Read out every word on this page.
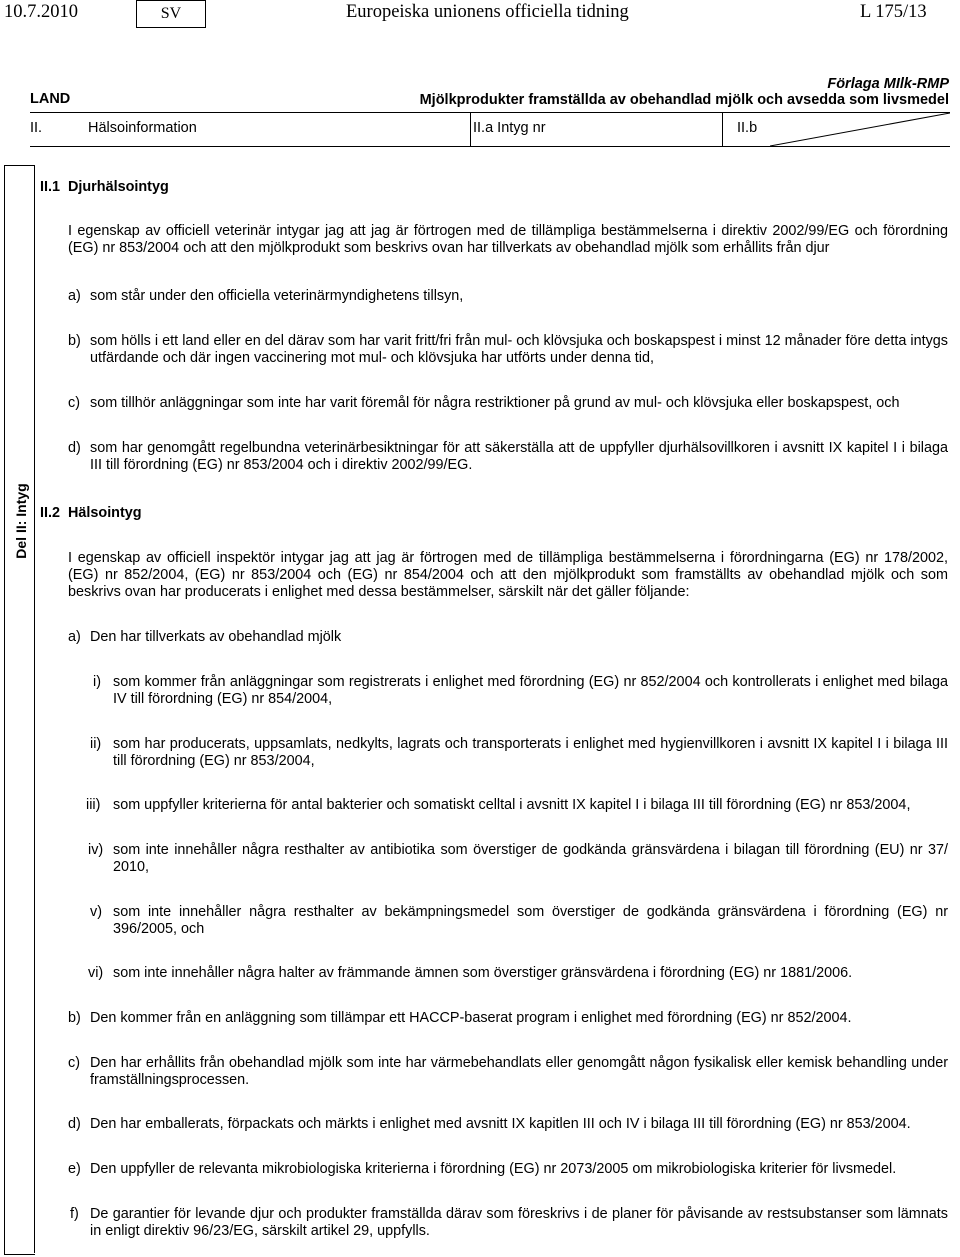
10.7.2010	SV	Europeiska unionens officiella tidning	L 175/13
LAND
Förlaga MIlk-RMP
Mjölkprodukter framställda av obehandlad mjölk och avsedda som livsmedel
II.	Hälsoinformation	II.a Intyg nr	II.b
Del II: Intyg
II.1 Djurhälsointyg
I egenskap av officiell veterinär intygar jag att jag är förtrogen med de tillämpliga bestämmelserna i direktiv 2002/99/EG och förordning (EG) nr 853/2004 och att den mjölkprodukt som beskrivs ovan har tillverkats av obehandlad mjölk som erhållits från djur
a) som står under den officiella veterinärmyndighetens tillsyn,
b) som hölls i ett land eller en del därav som har varit fritt/fri från mul- och klövsjuka och boskapspest i minst 12 månader före detta intygs utfärdande och där ingen vaccinering mot mul- och klövsjuka har utförts under denna tid,
c) som tillhör anläggningar som inte har varit föremål för några restriktioner på grund av mul- och klövsjuka eller boskapspest, och
d) som har genomgått regelbundna veterinärbesiktningar för att säkerställa att de uppfyller djurhälsovillkoren i avsnitt IX kapitel I i bilaga III till förordning (EG) nr 853/2004 och i direktiv 2002/99/EG.
II.2 Hälsointyg
I egenskap av officiell inspektör intygar jag att jag är förtrogen med de tillämpliga bestämmelserna i förordningarna (EG) nr 178/2002, (EG) nr 852/2004, (EG) nr 853/2004 och (EG) nr 854/2004 och att den mjölkprodukt som framställts av obehandlad mjölk och som beskrivs ovan har producerats i enlighet med dessa bestämmelser, särskilt när det gäller följande:
a) Den har tillverkats av obehandlad mjölk
i) som kommer från anläggningar som registrerats i enlighet med förordning (EG) nr 852/2004 och kontrollerats i enlighet med bilaga IV till förordning (EG) nr 854/2004,
ii) som har producerats, uppsamlats, nedkylts, lagrats och transporterats i enlighet med hygienvillkoren i avsnitt IX kapitel I i bilaga III till förordning (EG) nr 853/2004,
iii) som uppfyller kriterierna för antal bakterier och somatiskt celltal i avsnitt IX kapitel I i bilaga III till förordning (EG) nr 853/2004,
iv) som inte innehåller några resthalter av antibiotika som överstiger de godkända gränsvärdena i bilagan till förordning (EU) nr 37/ 2010,
v) som inte innehåller några resthalter av bekämpningsmedel som överstiger de godkända gränsvärdena i förordning (EG) nr 396/2005, och
vi) som inte innehåller några halter av främmande ämnen som överstiger gränsvärdena i förordning (EG) nr 1881/2006.
b) Den kommer från en anläggning som tillämpar ett HACCP-baserat program i enlighet med förordning (EG) nr 852/2004.
c) Den har erhållits från obehandlad mjölk som inte har värmebehandlats eller genomgått någon fysikalisk eller kemisk behandling under framställningsprocessen.
d) Den har emballerats, förpackats och märkts i enlighet med avsnitt IX kapitlen III och IV i bilaga III till förordning (EG) nr 853/2004.
e) Den uppfyller de relevanta mikrobiologiska kriterierna i förordning (EG) nr 2073/2005 om mikrobiologiska kriterier för livsmedel.
f) De garantier för levande djur och produkter framställda därav som föreskrivs i de planer för påvisande av restsubstanser som lämnats in enligt direktiv 96/23/EG, särskilt artikel 29, uppfylls.
